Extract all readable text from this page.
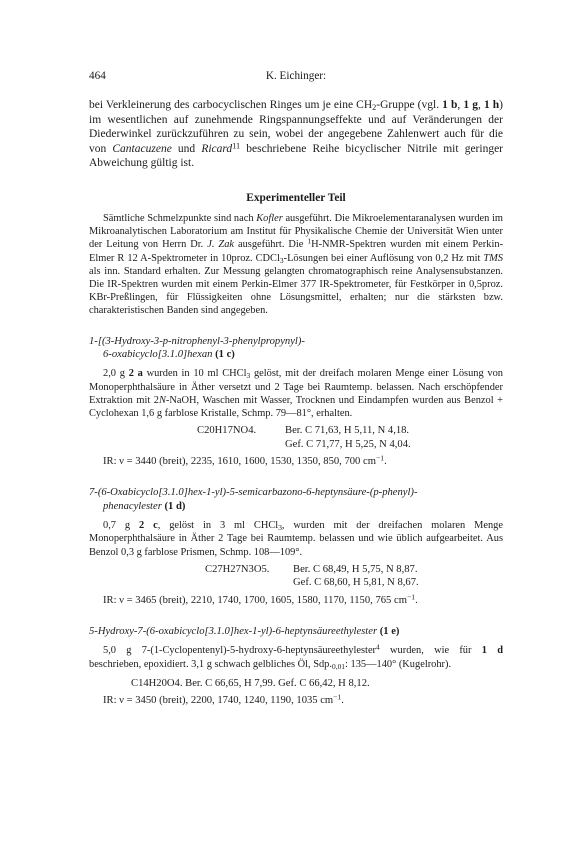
464	K. Eichinger:

bei Verkleinerung des carbocyclischen Ringes um je eine $CH_2$-Gruppe (vgl. 1 b, 1 g, 1 h) im wesentlichen auf zunehmende Ringspannungseffekte und auf Veränderungen der Diederwinkel zurückzuführen zu sein, wobei der angegebene Zahlenwert auch für die von Cantacuzene und Ricard$^{11}$ beschriebene Reihe bicyclischer Nitrile mit geringer Abweichung gültig ist.

Experimenteller Teil

Sämtliche Schmelzpunkte sind nach Kofler ausgeführt. Die Mikroelementaranalysen wurden im Mikroanalytischen Laboratorium am Institut für Physikalische Chemie der Universität Wien unter der Leitung von Herrn Dr. J. Zak ausgeführt. Die $^1$H-NMR-Spektren wurden mit einem Perkin-Elmer R 12 A-Spektrometer in 10proz. CDCl$_3$-Lösungen bei einer Auflösung von 0,2 Hz mit TMS als inn. Standard erhalten. Zur Messung gelangten chromatographisch reine Analysensubstanzen. Die IR-Spektren wurden mit einem Perkin-Elmer 377 IR-Spektrometer, für Festkörper in 0,5proz. KBr-Preßlingen, für Flüssigkeiten ohne Lösungsmittel, erhalten; nur die stärksten bzw. charakteristischen Banden sind angegeben.

1-[(3-Hydroxy-3-p-nitrophenyl-3-phenylpropynyl)-
6-oxabicyclo[3.1.0]hexan (1 c)

2,0 g 2 a wurden in 10 ml CHCl$_3$ gelöst, mit der dreifach molaren Menge einer Lösung von Monoperphthalsäure in Äther versetzt und 2 Tage bei Raumtemp. belassen. Nach erschöpfender Extraktion mit 2N-NaOH, Waschen mit Wasser, Trocknen und Eindampfen wurden aus Benzol + Cyclohexan 1,6 g farblose Kristalle, Schmp. 79—81°, erhalten.

C20H17NO4.	Ber. C 71,63, H 5,11, N 4,18.
Gef. C 71,77, H 5,25, N 4,04.
IR: ν = 3440 (breit), 2235, 1610, 1600, 1530, 1350, 850, 700 $cm^{-1}$.
7-(6-Oxabicyclo[3.1.0]hex-1-yl)-5-semicarbazono-6-heptynsäure-(p-phenyl)-
phenacylester (1 d)

0,7 g 2 c, gelöst in 3 ml CHCl$_3$, wurden mit der dreifachen molaren Menge Monoperphthalsäure in Äther 2 Tage bei Raumtemp. belassen und wie üblich aufgearbeitet. Aus Benzol 0,3 g farblose Prismen, Schmp. 108—109°.

C27H27N3O5.	Ber. C 68,49, H 5,75, N 8,87.
Gef. C 68,60, H 5,81, N 8,67.
IR: ν = 3465 (breit), 2210, 1740, 1700, 1605, 1580, 1170, 1150, 765 $cm^{-1}$.
5-Hydroxy-7-(6-oxabicyclo[3.1.0]hex-1-yl)-6-heptynsäureethylester (1 e)

5,0 g 7-(1-Cyclopentenyl)-5-hydroxy-6-heptynsäureethylester$^4$ wurden, wie für 1 d beschrieben, epoxidiert. 3,1 g schwach gelbliches Öl, $Sdp._{0,01}$: 135—140° (Kugelrohr).

C14H20O4. Ber. C 66,65, H 7,99. Gef. C 66,42, H 8,12.
IR: ν = 3450 (breit), 2200, 1740, 1240, 1190, 1035 $cm^{-1}$.
